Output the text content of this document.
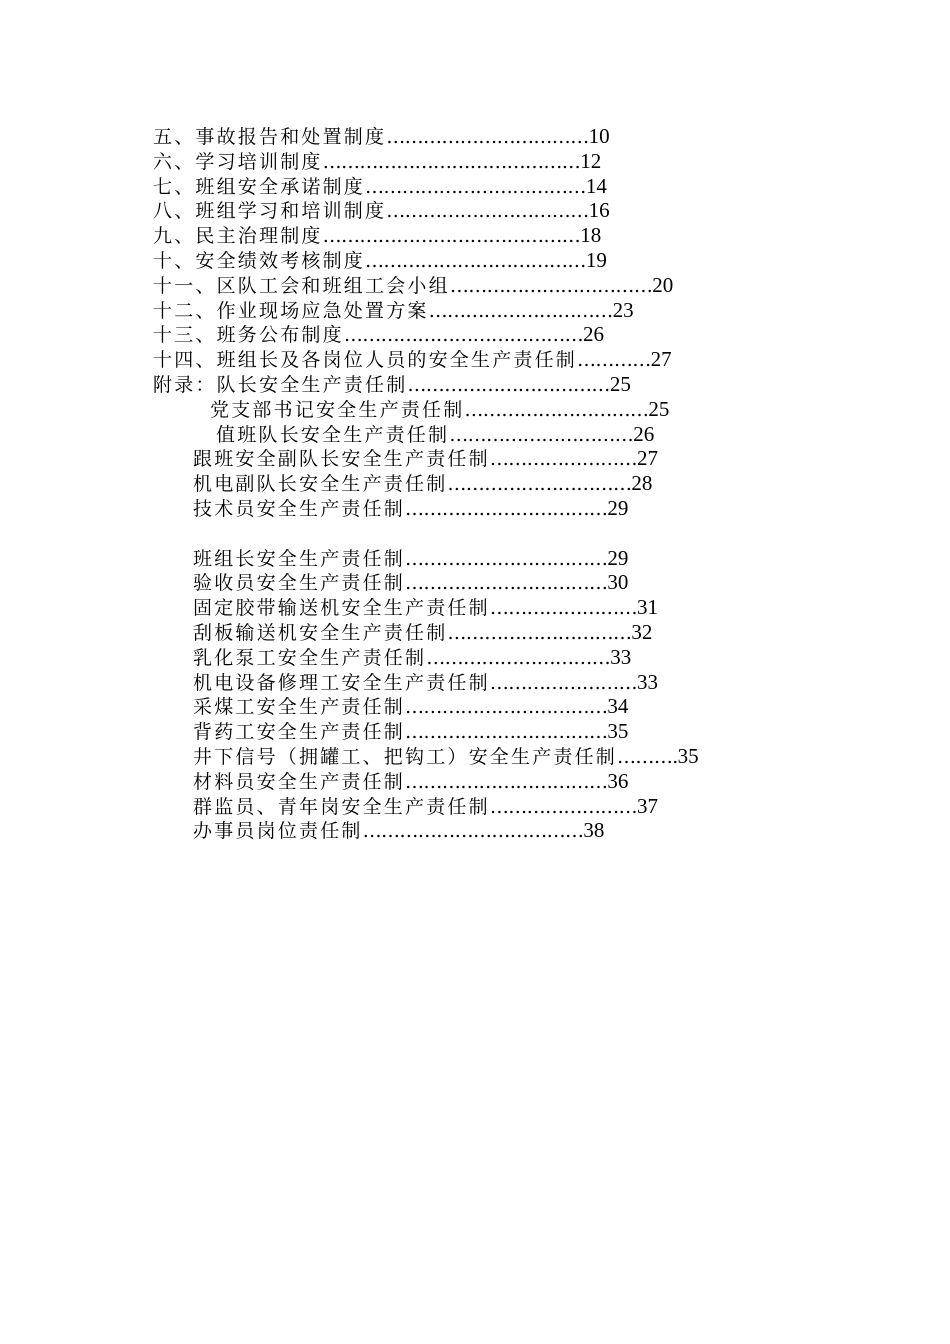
五、事故报告和处置制度……………………………10
六、学习培训制度……………………………………12
七、班组安全承诺制度………………………………14
八、班组学习和培训制度……………………………16
九、民主治理制度……………………………………18
十、安全绩效考核制度………………………………19
十一、区队工会和班组工会小组……………………………20
十二、作业现场应急处置方案…………………………23
十三、班务公布制度…………………………………26
十四、班组长及各岗位人员的安全生产责任制…………27
附录：队长安全生产责任制……………………………25
党支部书记安全生产责任制…………………………25
值班队长安全生产责任制…………………………26
跟班安全副队长安全生产责任制……………………27
机电副队长安全生产责任制…………………………28
技术员安全生产责任制……………………………29
班组长安全生产责任制……………………………29
验收员安全生产责任制……………………………30
固定胶带输送机安全生产责任制……………………31
刮板输送机安全生产责任制…………………………32
乳化泵工安全生产责任制…………………………33
机电设备修理工安全生产责任制……………………33
采煤工安全生产责任制……………………………34
背药工安全生产责任制……………………………35
井下信号（拥罐工、把钩工）安全生产责任制……….35
材料员安全生产责任制……………………………36
群监员、青年岗安全生产责任制……………………37
办事员岗位责任制………………………………38
